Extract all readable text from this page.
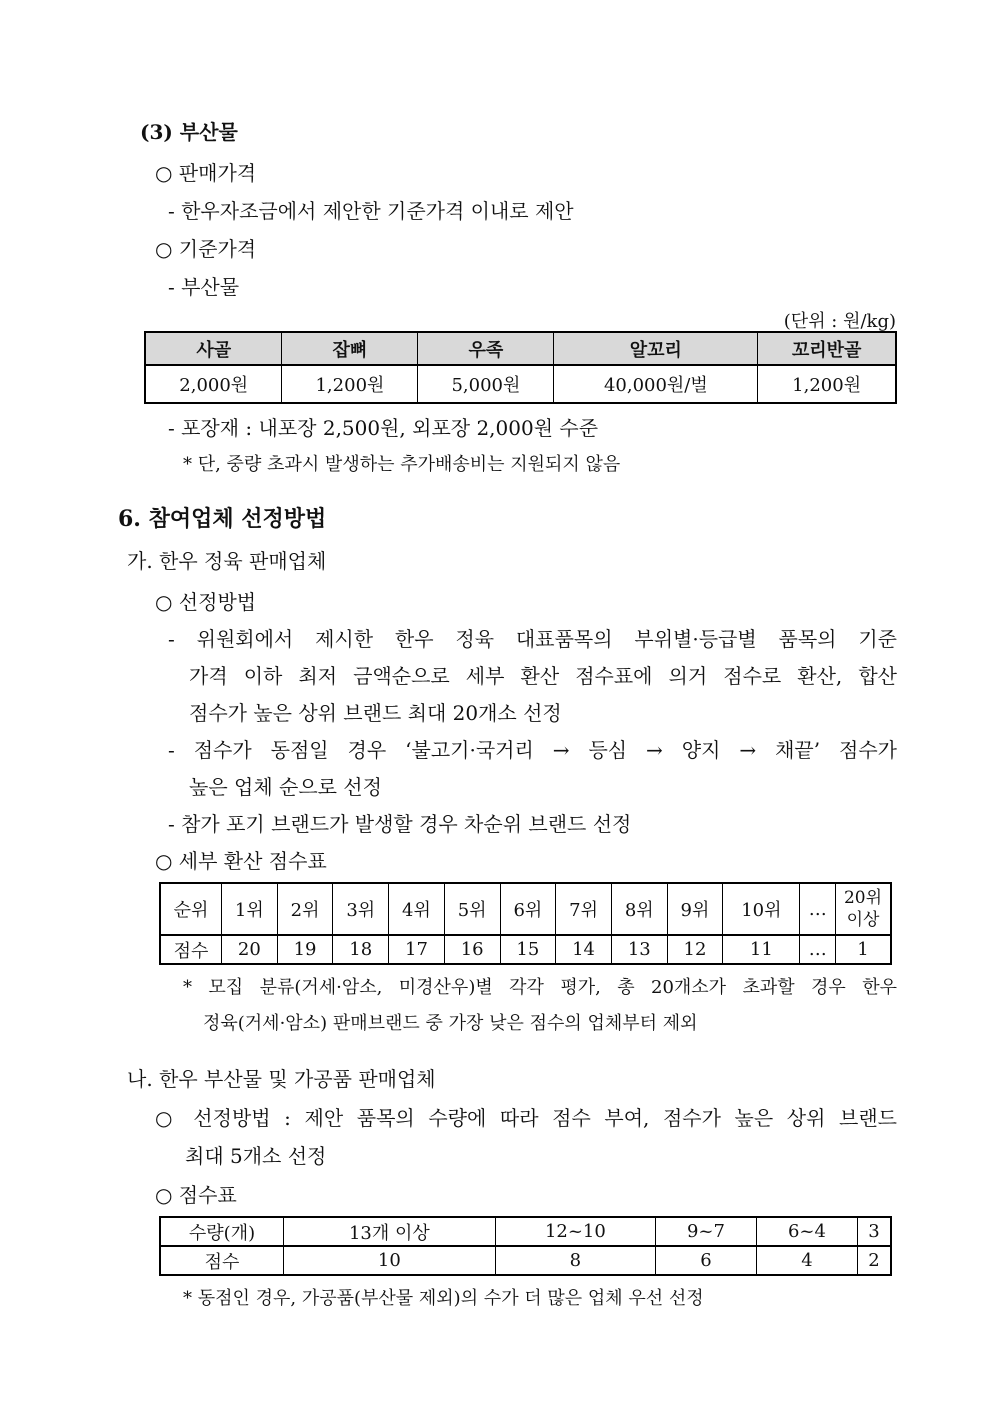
(3) 부산물
○ 판매가격
- 한우자조금에서 제안한 기준가격 이내로 제안
○ 기준가격
- 부산물
(단위 : 원/kg)
사골	잡뼈	우족	알꼬리	꼬리반골
2,000원	1,200원	5,000원	40,000원/벌	1,200원
- 포장재 : 내포장 2,500원, 외포장 2,000원 수준
* 단, 중량 초과시 발생하는 추가배송비는 지원되지 않음
6. 참여업체 선정방법
가. 한우 정육 판매업체
○ 선정방법
- 위원회에서 제시한 한우 정육 대표품목의 부위별·등급별 품목의 기준
가격 이하 최저 금액순으로 세부 환산 점수표에 의거 점수로 환산, 합산
점수가 높은 상위 브랜드 최대 20개소 선정
- 점수가 동점일 경우 ‘불고기·국거리 → 등심 → 양지 → 채끝’ 점수가
높은 업체 순으로 선정
- 참가 포기 브랜드가 발생할 경우 차순위 브랜드 선정
○ 세부 환산 점수표
순위	1위	2위	3위	4위	5위	6위	7위	8위	9위	10위	…	20위
이상

점수	20	19	18	17	16	15	14	13	12	11	…	1
* 모집 분류(거세·암소, 미경산우)별 각각 평가, 총 20개소가 초과할 경우 한우
정육(거세·암소) 판매브랜드 중 가장 낮은 점수의 업체부터 제외
나. 한우 부산물 및 가공품 판매업체
○ 선정방법 : 제안 품목의 수량에 따라 점수 부여, 점수가 높은 상위 브랜드
최대 5개소 선정
○ 점수표
수량(개)	13개 이상	12~10	9~7	6~4	3
점수	10	8	6	4	2
* 동점인 경우, 가공품(부산물 제외)의 수가 더 많은 업체 우선 선정
